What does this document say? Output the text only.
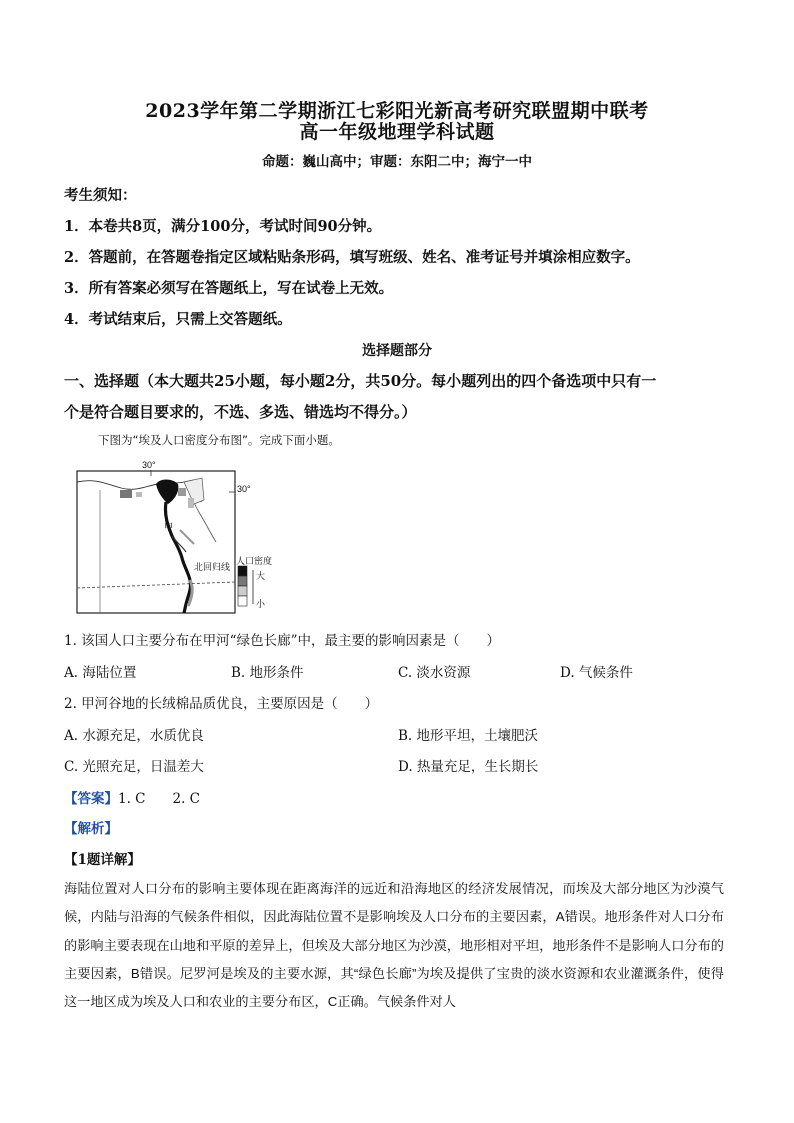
2023学年第二学期浙江七彩阳光新高考研究联盟期中联考
高一年级地理学科试题
命题：巍山高中；审题：东阳二中；海宁一中
考生须知：
1．本卷共8页，满分100分，考试时间90分钟。
2．答题前，在答题卷指定区域粘贴条形码，填写班级、姓名、准考证号并填涂相应数字。
3．所有答案必须写在答题纸上，写在试卷上无效。
4．考试结束后，只需上交答题纸。
选择题部分
一、选择题（本大题共25小题，每小题2分，共50分。每小题列出的四个备选项中只有一
个是符合题目要求的，不选、多选、错选均不得分。）
下图为“埃及人口密度分布图”。完成下面小题。
30°
30°
甲
北回归线
人口密度
大
小
1. 该国人口主要分布在甲河“绿色长廊”中，最主要的影响因素是（　　）
A. 海陆位置	B. 地形条件	C. 淡水资源	D. 气候条件
2. 甲河谷地的长绒棉品质优良，主要原因是（　　）
A. 水源充足，水质优良	B. 地形平坦，土壤肥沃
C. 光照充足，日温差大	D. 热量充足，生长期长
【答案】1. C　　2. C
【解析】
【1题详解】
海陆位置对人口分布的影响主要体现在距离海洋的远近和沿海地区的经济发展情况，而埃及大部分地区为沙漠气候，内陆与沿海的气候条件相似，因此海陆位置不是影响埃及人口分布的主要因素，A错误。地形条件对人口分布的影响主要表现在山地和平原的差异上，但埃及大部分地区为沙漠，地形相对平坦，地形条件不是影响人口分布的主要因素，B错误。尼罗河是埃及的主要水源，其“绿色长廊”为埃及提供了宝贵的淡水资源和农业灌溉条件，使得这一地区成为埃及人口和农业的主要分布区，C正确。气候条件对人
